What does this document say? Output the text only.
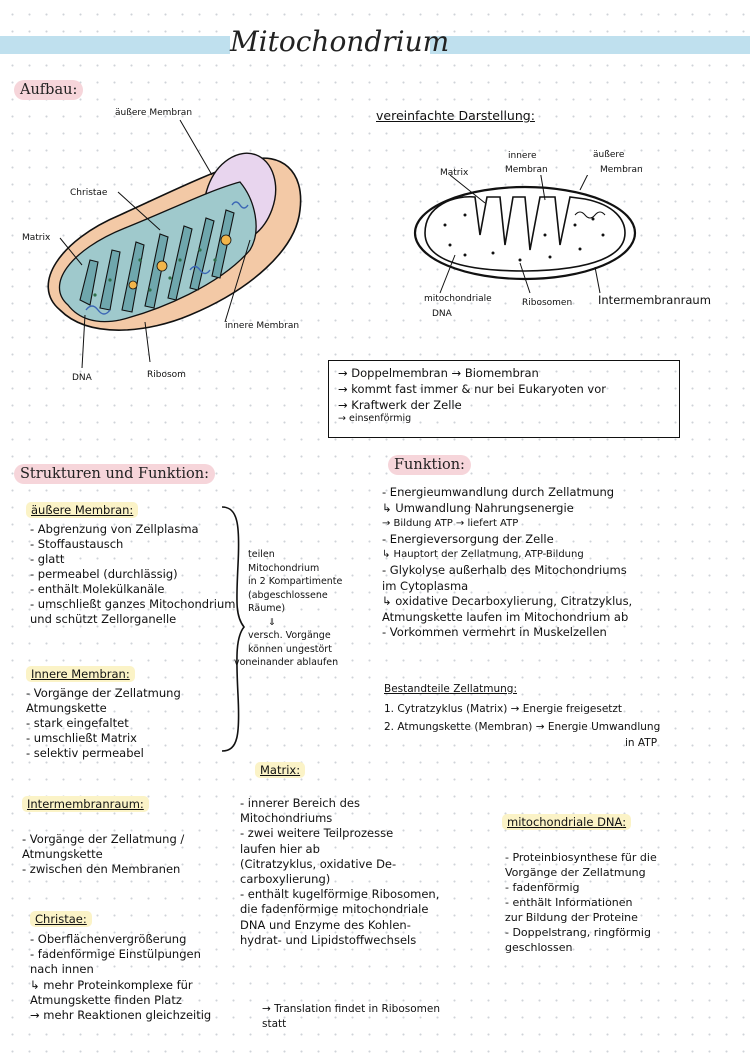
Mitochondrium
Aufbau:
äußere Membran
Christae
Matrix
innere Membran
DNA	Ribosom
vereinfachte Darstellung:
Matrix
innere
Membran
äußere
Membran
mitochondriale
DNA
Ribosomen Intermembranraum
→ Doppelmembran → Biomembran
→ kommt fast immer & nur bei Eukaryoten vor
→ Kraftwerk der Zelle
→ einsenförmig
Strukturen und Funktion:
Funktion:
äußere Membran:
- Abgrenzung von Zellplasma
- Stoffaustausch
- glatt
- permeabel (durchlässig)
- enthält Molekülkanäle
- umschließt ganzes Mitochondrium
und schützt Zellorganelle
Innere Membran:
- Vorgänge der Zellatmung
Atmungskette
- stark eingefaltet
- umschließt Matrix
- selektiv permeabel
teilen
Mitochondrium
in 2 Kompartimente
(abgeschlossene
Räume)
⇓
versch. Vorgänge
können ungestört
voneinander ablaufen
- Energieumwandlung durch Zellatmung
↳ Umwandlung Nahrungsenergie
→ Bildung ATP → liefert ATP
- Energieversorgung der Zelle
↳ Hauptort der Zellatmung, ATP-Bildung
- Glykolyse außerhalb des Mitochondriums
im Cytoplasma
↳ oxidative Decarboxylierung, Citratzyklus,
Atmungskette laufen im Mitochondrium ab
- Vorkommen vermehrt in Muskelzellen
Bestandteile Zellatmung:
1. Cytratzyklus (Matrix) → Energie freigesetzt
2. Atmungskette (Membran) → Energie Umwandlung
in ATP
Intermembranraum:
- Vorgänge der Zellatmung /
Atmungskette
- zwischen den Membranen
Matrix:
- innerer Bereich des
Mitochondriums
- zwei weitere Teilprozesse
laufen hier ab
(Citratzyklus, oxidative De-
carboxylierung)
- enthält kugelförmige Ribosomen,
die fadenförmige mitochondriale
DNA und Enzyme des Kohlen-
hydrat- und Lipidstoffwechsels
→ Translation findet in Ribosomen
statt
mitochondriale DNA:
- Proteinbiosynthese für die
Vorgänge der Zellatmung
- fadenförmig
- enthält Informationen
zur Bildung der Proteine
- Doppelstrang, ringförmig
geschlossen
Christae:
- Oberflächenvergrößerung
- fadenförmige Einstülpungen
nach innen
↳ mehr Proteinkomplexe für
Atmungskette finden Platz
→ mehr Reaktionen gleichzeitig
